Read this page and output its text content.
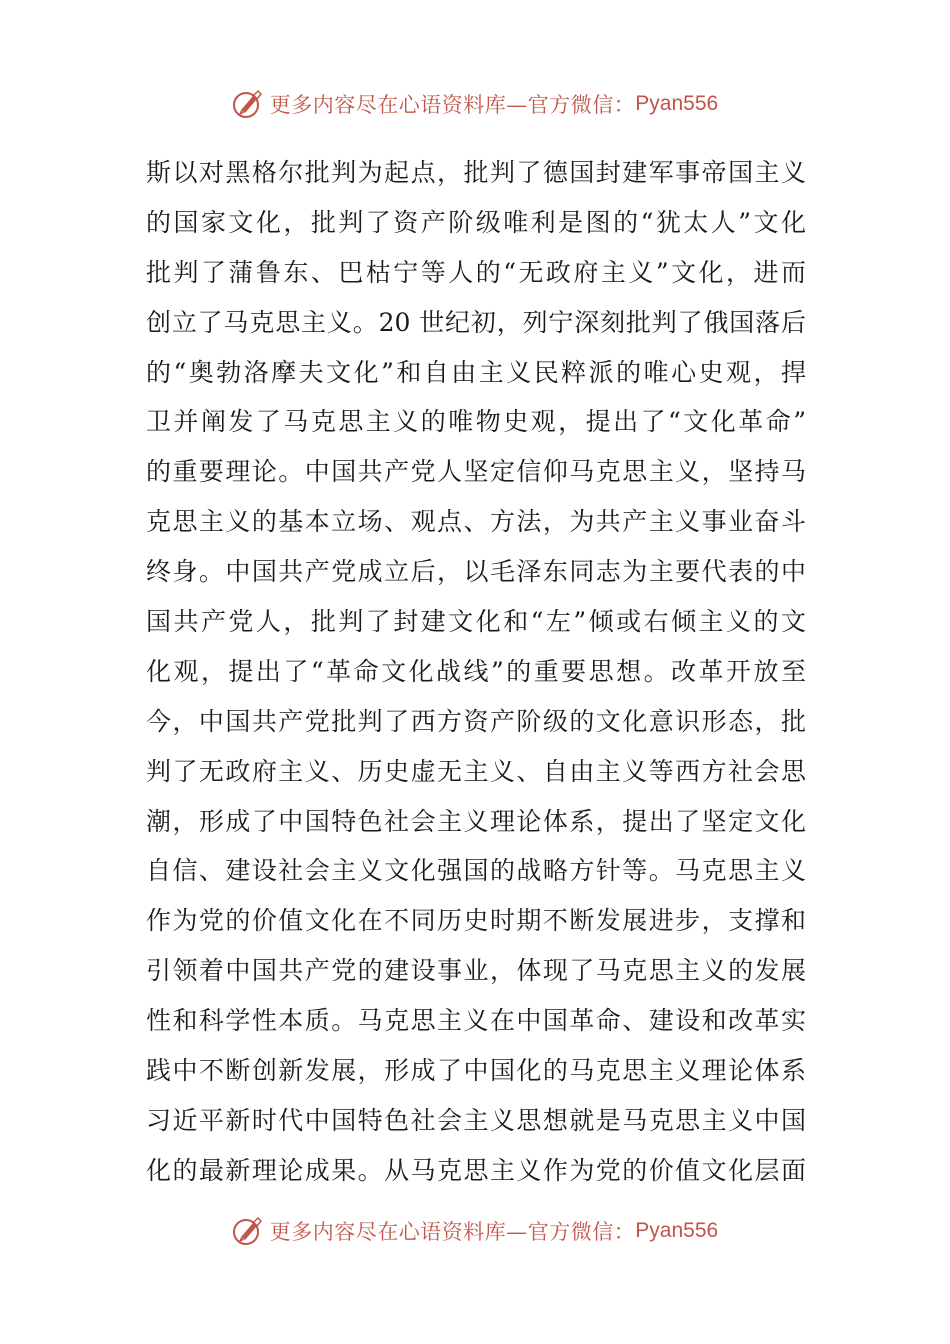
更多内容尽在心语资料库—官方微信： Pyan556
斯以对黑格尔批判为起点，批判了德国封建军事帝国主义
的国家文化，批判了资产阶级唯利是图的“犹太人”文化
批判了蒲鲁东、巴枯宁等人的“无政府主义”文化，进而
创立了马克思主义。20 世纪初，列宁深刻批判了俄国落后
的“奥勃洛摩夫文化”和自由主义民粹派的唯心史观，捍
卫并阐发了马克思主义的唯物史观，提出了“文化革命”
的重要理论。中国共产党人坚定信仰马克思主义，坚持马
克思主义的基本立场、观点、方法，为共产主义事业奋斗
终身。中国共产党成立后，以毛泽东同志为主要代表的中
国共产党人，批判了封建文化和“左”倾或右倾主义的文
化观，提出了“革命文化战线”的重要思想。改革开放至
今，中国共产党批判了西方资产阶级的文化意识形态，批
判了无政府主义、历史虚无主义、自由主义等西方社会思
潮，形成了中国特色社会主义理论体系，提出了坚定文化
自信、建设社会主义文化强国的战略方针等。马克思主义
作为党的价值文化在不同历史时期不断发展进步，支撑和
引领着中国共产党的建设事业，体现了马克思主义的发展
性和科学性本质。马克思主义在中国革命、建设和改革实
践中不断创新发展，形成了中国化的马克思主义理论体系
习近平新时代中国特色社会主义思想就是马克思主义中国
化的最新理论成果。从马克思主义作为党的价值文化层面
更多内容尽在心语资料库—官方微信： Pyan556
